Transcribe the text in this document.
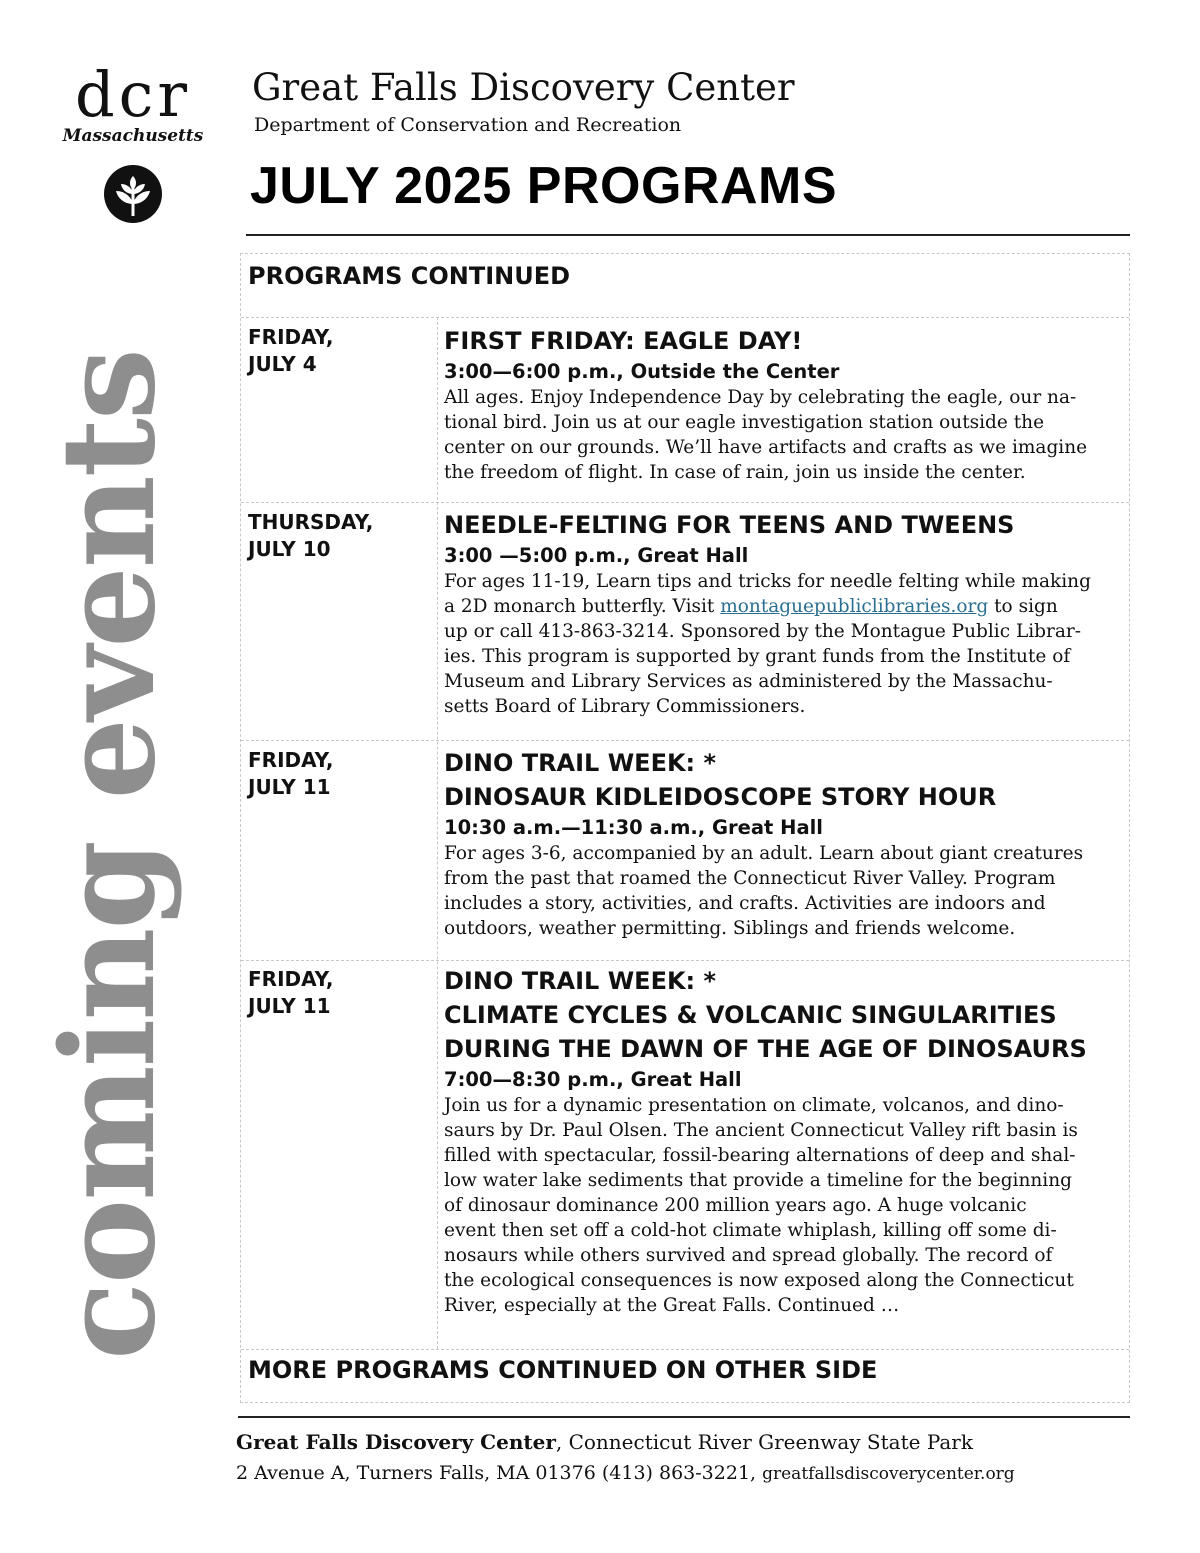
dcr
Massachusetts
coming events
Great Falls Discovery Center
Department of Conservation and Recreation
JULY 2025 PROGRAMS
PROGRAMS CONTINUED
FRIDAY,
JULY 4
FIRST FRIDAY: EAGLE DAY!
3:00—6:00 p.m., Outside the Center
All ages. Enjoy Independence Day by celebrating the eagle, our na-
tional bird. Join us at our eagle investigation station outside the
center on our grounds. We’ll have artifacts and crafts as we imagine
the freedom of flight. In case of rain, join us inside the center.
THURSDAY,
JULY 10
NEEDLE-FELTING FOR TEENS AND TWEENS
3:00 —5:00 p.m., Great Hall
For ages 11-19, Learn tips and tricks for needle felting while making
a 2D monarch butterfly. Visit montaguepubliclibraries.org to sign
up or call 413-863-3214. Sponsored by the Montague Public Librar-
ies. This program is supported by grant funds from the Institute of
Museum and Library Services as administered by the Massachu-
setts Board of Library Commissioners.
FRIDAY,
JULY 11
DINO TRAIL WEEK: *
DINOSAUR KIDLEIDOSCOPE STORY HOUR
10:30 a.m.—11:30 a.m., Great Hall
For ages 3-6, accompanied by an adult. Learn about giant creatures
from the past that roamed the Connecticut River Valley. Program
includes a story, activities, and crafts. Activities are indoors and
outdoors, weather permitting. Siblings and friends welcome.
FRIDAY,
JULY 11
DINO TRAIL WEEK: *
CLIMATE CYCLES & VOLCANIC SINGULARITIES
DURING THE DAWN OF THE AGE OF DINOSAURS
7:00—8:30 p.m., Great Hall
Join us for a dynamic presentation on climate, volcanos, and dino-
saurs by Dr. Paul Olsen. The ancient Connecticut Valley rift basin is
filled with spectacular, fossil-bearing alternations of deep and shal-
low water lake sediments that provide a timeline for the beginning
of dinosaur dominance 200 million years ago. A huge volcanic
event then set off a cold-hot climate whiplash, killing off some di-
nosaurs while others survived and spread globally. The record of
the ecological consequences is now exposed along the Connecticut
River, especially at the Great Falls. Continued …
MORE PROGRAMS CONTINUED ON OTHER SIDE
Great Falls Discovery Center, Connecticut River Greenway State Park
2 Avenue A, Turners Falls, MA 01376 (413) 863-3221, greatfallsdiscoverycenter.org
